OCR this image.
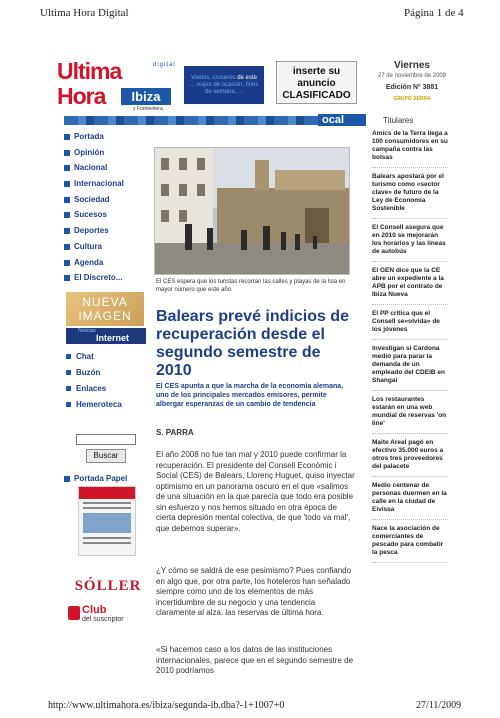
Ultima Hora Digital	Página 1 de 4
Ultima	digital
Hora	Ibiza
y Formentera
Vuelos, cruceros de este ... viajes de ocasión, fines de semana, ...
inserte su
anuncio
CLASIFICADO
Viernes
27 de noviembre de 2009
Edición Nº 3881
GRUPO SERRA
ocal	Titulares
Portada
Opinión
Nacional
Internacional
Sociedad
Sucesos
Deportes
Cultura
Agenda
El Discreto...
NUEVA
IMAGEN
Noticias
Internet
Chat
Buzón
Enlaces
Hemeroteca
Buscar
Portada Papel
SÓLLER
Club
del suscriptor
El CES espera que los turistas recorran las calles y playas de la Isla en mayor número que este año.
Balears prevé indicios de recuperación desde el segundo semestre de 2010
El CES apunta a que la marcha de la economía alemana, uno de los principales mercados emisores, permite albergar esperanzas de un cambio de tendencia
S. PARRA
El año 2008 no fue tan mal y 2010 puede confirmar la recuperación. El presidente del Consell Econòmic i Social (CES) de Balears, Llorenç Huguet, quiso inyectar optimismo en un panorama oscuro en el que «salimos de una situación en la que parecía que todo era posible sin esfuerzo y nos hemos situado en otra época de cierta depresión mental colectiva, de que 'todo va mal', que debemos superar».
¿Y cómo se saldrá de ese pesimismo? Pues confiando en algo que, por otra parte, los hoteleros han señalado siempre como uno de los elementos de más incertidumbre de su negocio y una tendencia claramente al alza: las reservas de última hora.
«Si hacemos caso a los datos de las instituciones internacionales, parece que en el segundo semestre de 2010 podríamos
Amics de la Terra llega a 100 consumidores en su campaña contra las bolsas
Balears apostará por el turismo como «sector clave» de futuro de la Ley de Economía Sostenible
El Consell asegura que en 2010 se mejorarán los horarios y las líneas de autobús
El GEN dice que la CE abre un expediente a la APB por el contrato de Ibiza Nueva
El PP critica que el Consell se«olvida» de los jóvenes
Investigan si Cardona medió para parar la demanda de un empleado del CDEIB en Shangai
Los restaurantes estarán en una web mundial de reservas 'on line'
Maite Areal pagó en efectivo 35.000 euros a otros tres proveedores del palacete
Medio centenar de personas duermen en la calle en la ciudad de Eivissa
Nace la asociación de comerciantes de pescado para combatir la pesca
http://www.ultimahora.es/ibiza/segunda-ib.dba?-1+1007+0	27/11/2009
